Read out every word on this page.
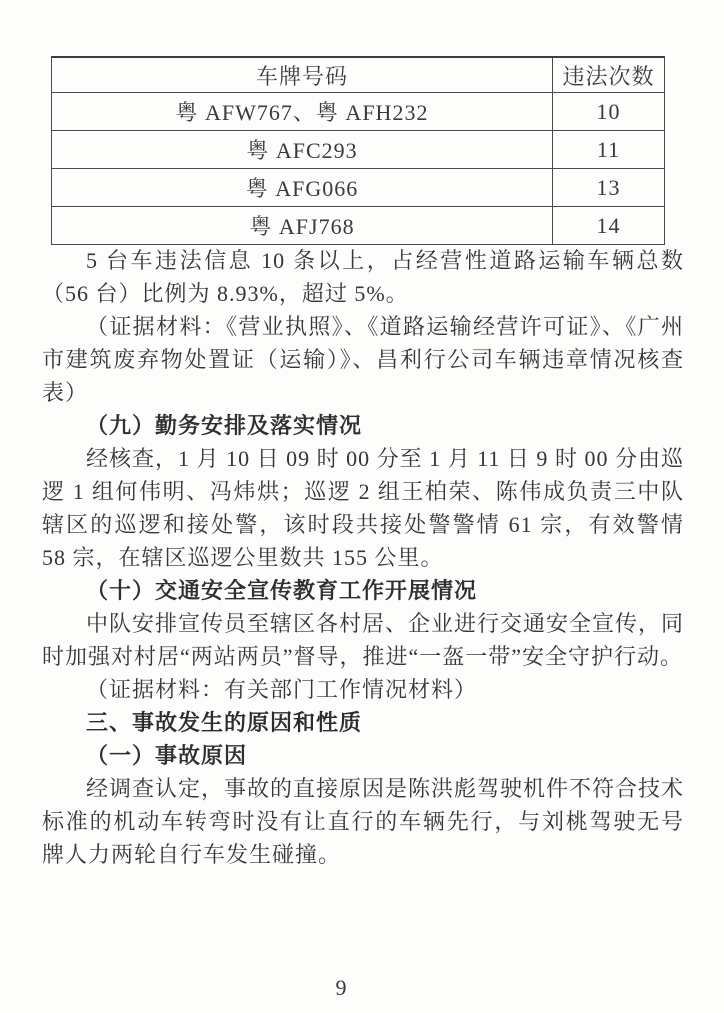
车牌号码	违法次数
粤 AFW767、粤 AFH232	10
粤 AFC293	11
粤 AFG066	13
粤 AFJ768	14

5 台车违法信息 10 条以上，占经营性道路运输车辆总数（56 台）比例为 8.93%，超过 5%。

（证据材料：《营业执照》、《道路运输经营许可证》、《广州市建筑废弃物处置证（运输）》、昌利行公司车辆违章情况核查表）

（九）勤务安排及落实情况

经核查，1 月 10 日 09 时 00 分至 1 月 11 日 9 时 00 分由巡逻 1 组何伟明、冯炜烘；巡逻 2 组王柏荣、陈伟成负责三中队辖区的巡逻和接处警，该时段共接处警警情 61 宗，有效警情 58 宗，在辖区巡逻公里数共 155 公里。

（十）交通安全宣传教育工作开展情况

中队安排宣传员至辖区各村居、企业进行交通安全宣传，同时加强对村居“两站两员”督导，推进“一盔一带”安全守护行动。

（证据材料：有关部门工作情况材料）

三、事故发生的原因和性质

（一）事故原因

经调查认定，事故的直接原因是陈洪彪驾驶机件不符合技术标准的机动车转弯时没有让直行的车辆先行，与刘桃驾驶无号牌人力两轮自行车发生碰撞。

9
